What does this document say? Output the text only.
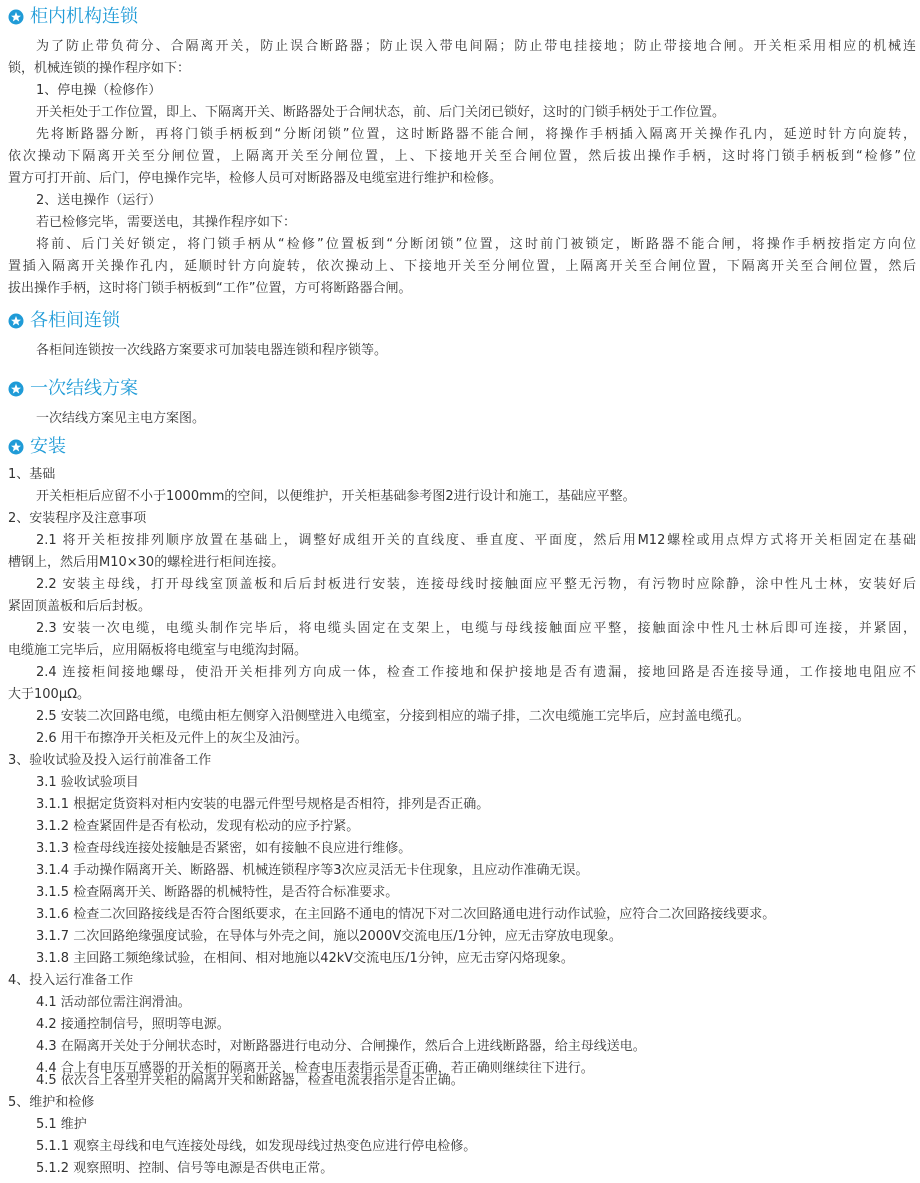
柜内机构连锁
为了防止带负荷分、合隔离开关，防止误合断路器；防止误入带电间隔；防止带电挂接地；防止带接地合闸。开关柜采用相应的机械连
锁，机械连锁的操作程序如下：
1、停电操（检修作）
开关柜处于工作位置，即上、下隔离开关、断路器处于合闸状态，前、后门关闭已锁好，这时的门锁手柄处于工作位置。
先将断路器分断，再将门锁手柄板到“分断闭锁”位置，这时断路器不能合闸，将操作手柄插入隔离开关操作孔内，延逆时针方向旋转，
依次操动下隔离开关至分闸位置，上隔离开关至分闸位置，上、下接地开关至合闸位置，然后拔出操作手柄，这时将门锁手柄板到“检修”位
置方可打开前、后门，停电操作完毕，检修人员可对断路器及电缆室进行维护和检修。
2、送电操作（运行）
若已检修完毕，需要送电，其操作程序如下：
将前、后门关好锁定，将门锁手柄从“检修”位置板到“分断闭锁”位置，这时前门被锁定，断路器不能合闸，将操作手柄按指定方向位
置插入隔离开关操作孔内，延顺时针方向旋转，依次操动上、下接地开关至分闸位置，上隔离开关至合闸位置，下隔离开关至合闸位置，然后
拔出操作手柄，这时将门锁手柄板到“工作”位置，方可将断路器合闸。
各柜间连锁
各柜间连锁按一次线路方案要求可加装电器连锁和程序锁等。
一次结线方案
一次结线方案见主电方案图。
安装
1、基础
开关柜柜后应留不小于1000mm的空间，以便维护，开关柜基础参考图2进行设计和施工，基础应平整。
2、安装程序及注意事项
2.1 将开关柜按排列顺序放置在基础上，调整好成组开关的直线度、垂直度、平面度，然后用M12螺栓或用点焊方式将开关柜固定在基础
槽钢上，然后用M10×30的螺栓进行柜间连接。
2.2 安装主母线，打开母线室顶盖板和后后封板进行安装，连接母线时接触面应平整无污物，有污物时应除静，涂中性凡士林，安装好后
紧固顶盖板和后后封板。
2.3 安装一次电缆，电缆头制作完毕后，将电缆头固定在支架上，电缆与母线接触面应平整，接触面涂中性凡士林后即可连接，并紧固，
电缆施工完毕后，应用隔板将电缆室与电缆沟封隔。
2.4 连接柜间接地螺母，使沿开关柜排列方向成一体，检查工作接地和保护接地是否有遗漏，接地回路是否连接导通，工作接地电阻应不
大于100μΩ。
2.5 安装二次回路电缆，电缆由柜左侧穿入沿侧壁进入电缆室，分接到相应的端子排，二次电缆施工完毕后，应封盖电缆孔。
2.6 用干布擦净开关柜及元件上的灰尘及油污。
3、验收试验及投入运行前准备工作
3.1 验收试验项目
3.1.1 根据定货资料对柜内安装的电器元件型号规格是否相符，排列是否正确。
3.1.2 检查紧固件是否有松动，发现有松动的应予拧紧。
3.1.3 检查母线连接处接触是否紧密，如有接触不良应进行维修。
3.1.4 手动操作隔离开关、断路器、机械连锁程序等3次应灵活无卡住现象，且应动作准确无误。
3.1.5 检查隔离开关、断路器的机械特性，是否符合标准要求。
3.1.6 检查二次回路接线是否符合图纸要求，在主回路不通电的情况下对二次回路通电进行动作试验，应符合二次回路接线要求。
3.1.7 二次回路绝缘强度试验，在导体与外壳之间，施以2000V交流电压/1分钟，应无击穿放电现象。
3.1.8 主回路工频绝缘试验，在相间、相对地施以42kV交流电压/1分钟，应无击穿闪烙现象。
4、投入运行准备工作
4.1 活动部位需注润滑油。
4.2 接通控制信号，照明等电源。
4.3 在隔离开关处于分闸状态时，对断路器进行电动分、合闸操作，然后合上进线断路器，给主母线送电。
4.4 合上有电压互感器的开关柜的隔离开关，检查电压表指示是否正确，若正确则继续往下进行。
4.5 依次合上各型开关柜的隔离开关和断路器，检查电流表指示是否正确。
5、维护和检修
5.1 维护
5.1.1 观察主母线和电气连接处母线，如发现母线过热变色应进行停电检修。
5.1.2 观察照明、控制、信号等电源是否供电正常。
